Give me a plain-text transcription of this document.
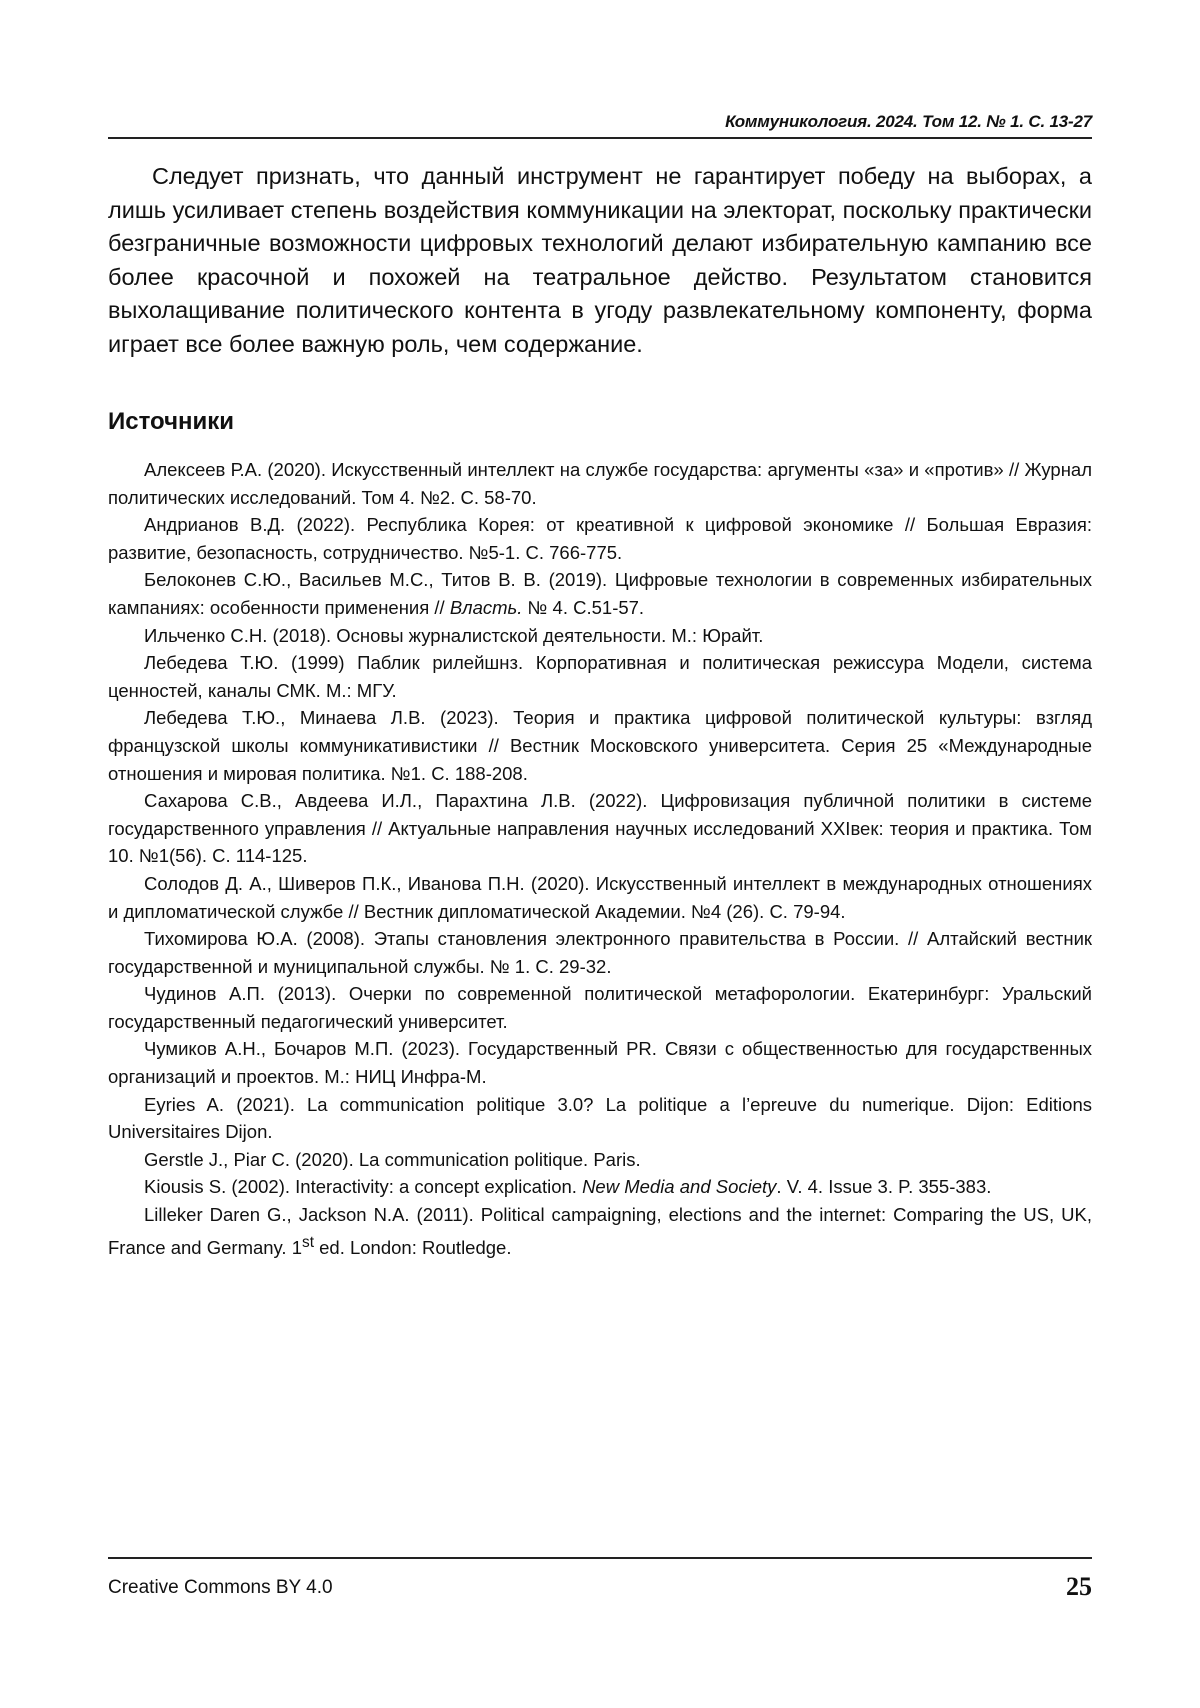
Коммуникология. 2024. Том 12. № 1. С. 13-27

Следует признать, что данный инструмент не гарантирует победу на выборах, а лишь усиливает степень воздействия коммуникации на электорат, поскольку практически безграничные возможности цифровых технологий делают избирательную кампанию все более красочной и похожей на театральное действо. Результатом становится выхолащивание политического контента в угоду развлекательному компоненту, форма играет все более важную роль, чем содержание.

Источники
Алексеев Р.А. (2020). Искусственный интеллект на службе государства: аргументы «за» и «против» // Журнал политических исследований. Том 4. №2. С. 58-70.
Андрианов В.Д. (2022). Республика Корея: от креативной к цифровой экономике // Большая Евразия: развитие, безопасность, сотрудничество. №5-1. С. 766-775.
Белоконев С.Ю., Васильев М.С., Титов В. В. (2019). Цифровые технологии в современных избирательных кампаниях: особенности применения // Власть. № 4. С.51-57.
Ильченко С.Н. (2018). Основы журналистской деятельности. М.: Юрайт.
Лебедева Т.Ю. (1999) Паблик рилейшнз. Корпоративная и политическая режиссура Модели, система ценностей, каналы СМК. М.: МГУ.
Лебедева Т.Ю., Минаева Л.В. (2023). Теория и практика цифровой политической культуры: взгляд французской школы коммуникативистики // Вестник Московского университета. Серия 25 «Международные отношения и мировая политика. №1. С. 188-208.
Сахарова С.В., Авдеева И.Л., Парахтина Л.В. (2022). Цифровизация публичной политики в системе государственного управления // Актуальные направления научных исследований XXIвек: теория и практика. Том 10. №1(56). С. 114-125.
Солодов Д. А., Шиверов П.К., Иванова П.Н. (2020). Искусственный интеллект в международных отношениях и дипломатической службе // Вестник дипломатической Академии. №4 (26). С. 79-94.
Тихомирова Ю.А. (2008). Этапы становления электронного правительства в России. // Алтайский вестник государственной и муниципальной службы. № 1. С. 29-32.
Чудинов А.П. (2013). Очерки по современной политической метафорологии. Екатеринбург: Уральский государственный педагогический университет.
Чумиков А.Н., Бочаров М.П. (2023). Государственный PR. Связи с общественностью для государственных организаций и проектов. М.: НИЦ Инфра-М.
Eyries A. (2021). La communication politique 3.0? La politique a l’epreuve du numerique. Dijon: Editions Universitaires Dijon.
Gerstle J., Piar C. (2020). La communication politique. Paris.
Kiousis S. (2002). Interactivity: a concept explication. New Media and Society. V. 4. Issue 3. P. 355-383.
Lilleker Daren G., Jackson N.A. (2011). Political campaigning, elections and the internet: Comparing the US, UK, France and Germany. 1st ed. London: Routledge.
Creative Commons BY 4.0	25
